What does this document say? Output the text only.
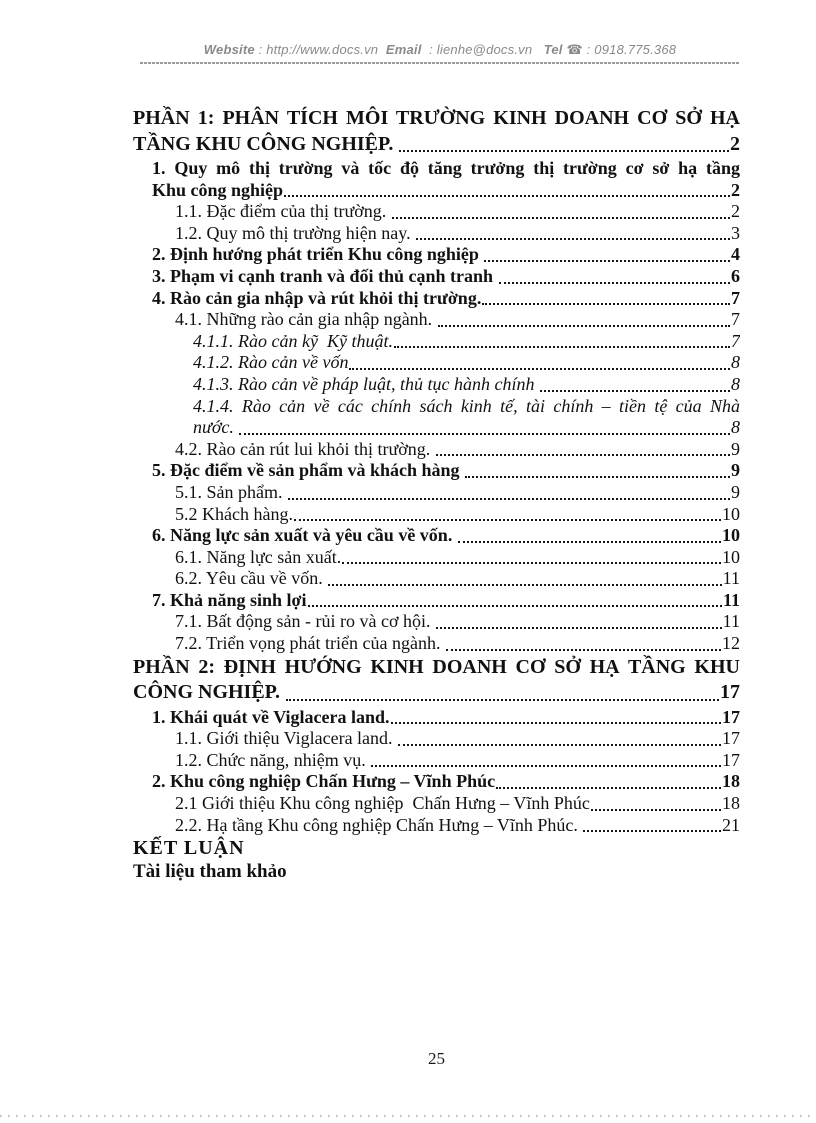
Website : http://www.docs.vn  Email  : lienhe@docs.vn   Tel ☎ : 0918.775.368
PHẦN 1: PHÂN TÍCH MÔI TRƯỜNG KINH DOANH CƠ SỞ HẠ
TẦNG KHU CÔNG NGHIỆP.	2
1. Quy mô thị trường và tốc độ tăng trưởng thị trường cơ sở hạ tầng
Khu công nghiệp	2
1.1. Đặc điểm của thị trường.	2
1.2. Quy mô thị trường hiện nay.	3
2. Định hướng phát triển Khu công nghiệp	4
3. Phạm vi cạnh tranh và đối thủ cạnh tranh	6
4. Rào cản gia nhập và rút khỏi thị trường.	7
4.1. Những rào cản gia nhập ngành.	7
4.1.1. Rào cản kỹ  Kỹ thuật.	7
4.1.2. Rào cản về vốn	8
4.1.3. Rào cản về pháp luật, thủ tục hành chính	8
4.1.4. Rào cản về các chính sách kinh tế, tài chính – tiền tệ của Nhà
nước.	8
4.2. Rào cản rút lui khỏi thị trường.	9
5. Đặc điểm về sản phẩm và khách hàng	9
5.1. Sản phẩm.	9
5.2 Khách hàng.	10
6. Năng lực sản xuất và yêu cầu về vốn.	10
6.1. Năng lực sản xuất.	10
6.2. Yêu cầu về vốn.	11
7. Khả năng sinh lợi	11
7.1. Bất động sản - rủi ro và cơ hội.	11
7.2. Triển vọng phát triển của ngành.	12
PHẦN 2: ĐỊNH HƯỚNG KINH DOANH CƠ SỞ HẠ TẦNG KHU
CÔNG NGHIỆP.	17
1. Khái quát về Viglacera land.	17
1.1. Giới thiệu Viglacera land.	17
1.2. Chức năng, nhiệm vụ.	17
2. Khu công nghiệp Chấn Hưng – Vĩnh Phúc	18
2.1 Giới thiệu Khu công nghiệp  Chấn Hưng – Vĩnh Phúc	18
2.2. Hạ tầng Khu công nghiệp Chấn Hưng – Vĩnh Phúc.	21
KẾT LUẬN
Tài liệu tham khảo
25
